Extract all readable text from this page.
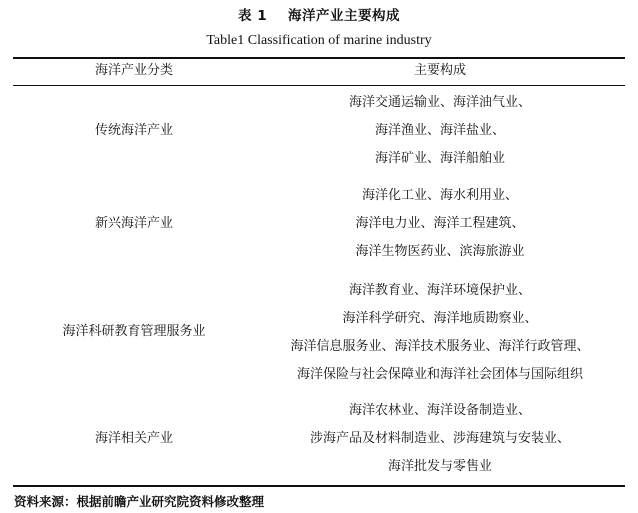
表 1    海洋产业主要构成
Table1 Classification of marine industry
海洋产业分类	主要构成
传统海洋产业
海洋交通运输业、海洋油气业、
海洋渔业、海洋盐业、
海洋矿业、海洋船舶业
新兴海洋产业
海洋化工业、海水利用业、
海洋电力业、海洋工程建筑、
海洋生物医药业、滨海旅游业
海洋科研教育管理服务业
海洋教育业、海洋环境保护业、
海洋科学研究、海洋地质勘察业、
海洋信息服务业、海洋技术服务业、海洋行政管理、
海洋保险与社会保障业和海洋社会团体与国际组织
海洋相关产业
海洋农林业、海洋设备制造业、
涉海产品及材料制造业、涉海建筑与安装业、
海洋批发与零售业
资料来源：根据前瞻产业研究院资料修改整理
